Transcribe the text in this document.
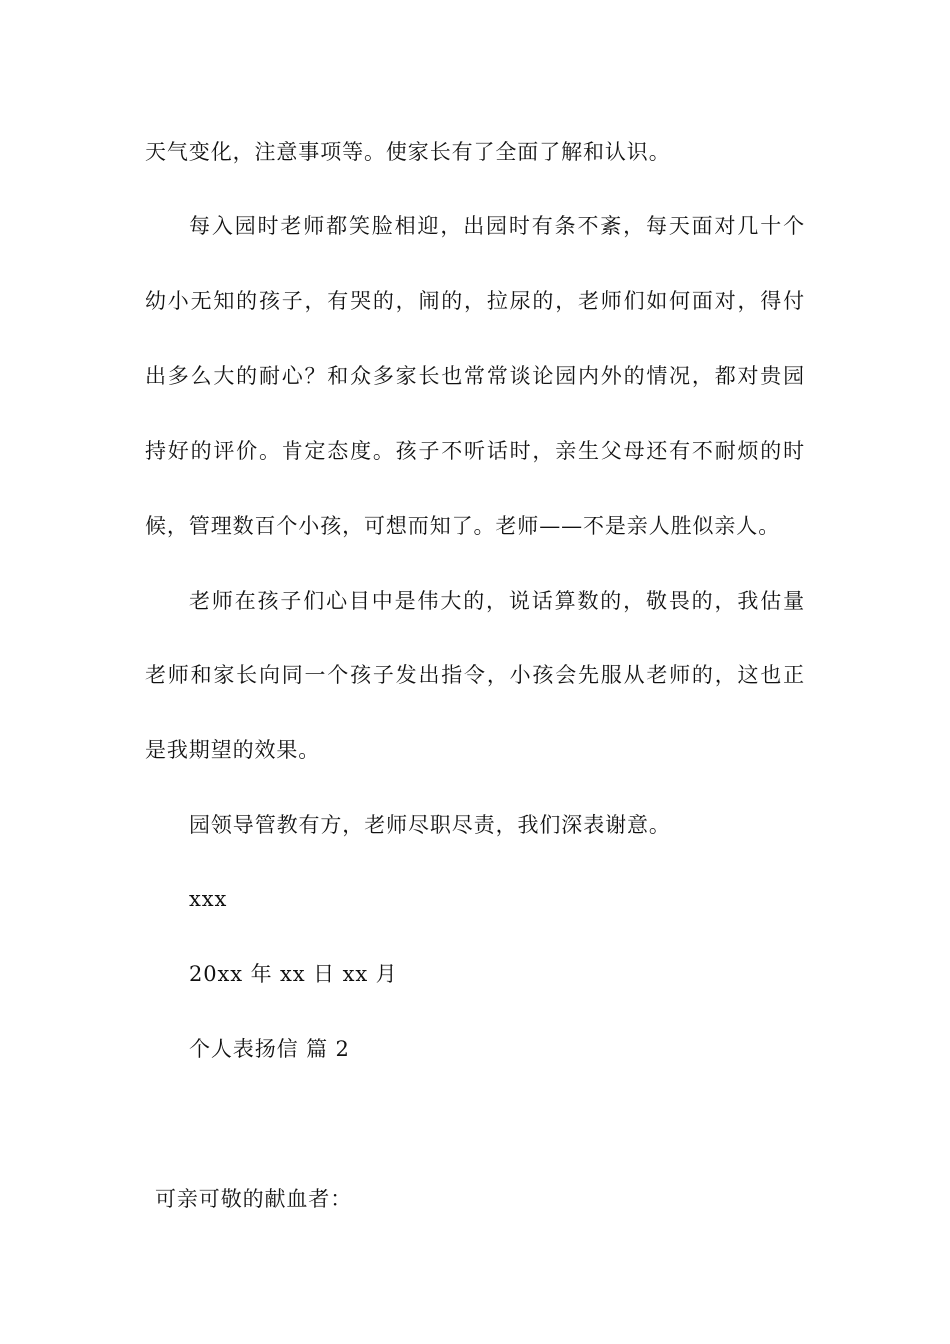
天气变化，注意事项等。使家长有了全面了解和认识。
每入园时老师都笑脸相迎，出园时有条不紊，每天面对几十个
幼小无知的孩子，有哭的，闹的，拉尿的，老师们如何面对，得付
出多么大的耐心？和众多家长也常常谈论园内外的情况，都对贵园
持好的评价。肯定态度。孩子不听话时，亲生父母还有不耐烦的时
候，管理数百个小孩，可想而知了。老师——不是亲人胜似亲人。
老师在孩子们心目中是伟大的，说话算数的，敬畏的，我估量
老师和家长向同一个孩子发出指令，小孩会先服从老师的，这也正
是我期望的效果。
园领导管教有方，老师尽职尽责，我们深表谢意。
xxx
20xx 年 xx 日 xx 月
个人表扬信 篇 2
可亲可敬的献血者：
